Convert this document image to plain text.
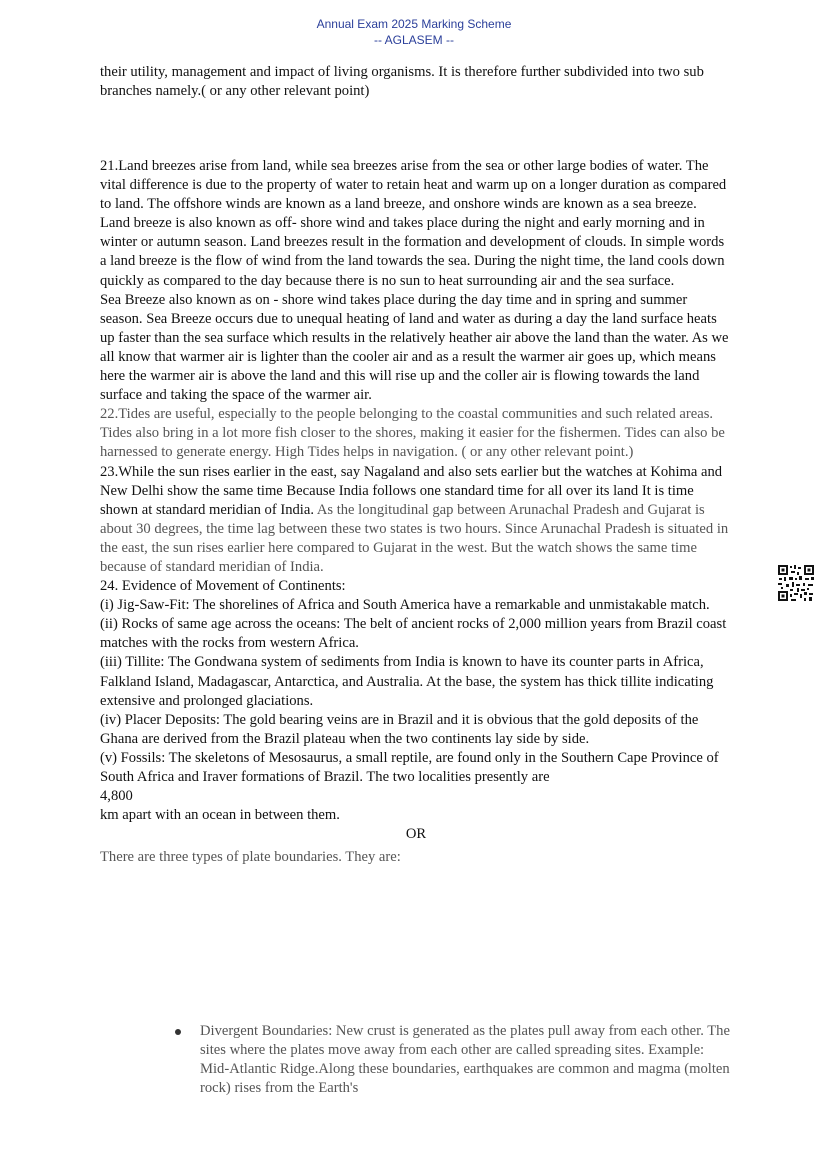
Annual Exam 2025 Marking Scheme
-- AGLASEM --

their utility, management and impact of living organisms. It is therefore further subdivided into two sub branches namely.( or any other relevant point)

21.Land breezes arise from land, while sea breezes arise from the sea or other large bodies of water. The vital difference is due to the property of water to retain heat and warm up on a longer duration as compared to land. The offshore winds are known as a land breeze, and onshore winds are known as a sea breeze.

Land breeze is also known as off- shore wind and takes place during the night and early morning and in winter or autumn season. Land breezes result in the formation and development of clouds. In simple words a land breeze is the flow of wind from the land towards the sea. During the night time, the land cools down quickly as compared to the day because there is no sun to heat surrounding air and the sea surface.

Sea Breeze also known as on - shore wind takes place during the day time and in spring and summer season. Sea Breeze occurs due to unequal heating of land and water as during a day the land surface heats up faster than the sea surface which results in the relatively heather air above the land than the water. As we all know that warmer air is lighter than the cooler air and as a result the warmer air goes up, which means here the warmer air is above the land and this will rise up and the coller air is flowing towards the land surface and taking the space of the warmer air.

22.Tides are useful, especially to the people belonging to the coastal communities and such related areas. Tides also bring in a lot more fish closer to the shores, making it easier for the fishermen. Tides can also be harnessed to generate energy. High Tides helps in navigation. ( or any other relevant point.)

23.While the sun rises earlier in the east, say Nagaland and also sets earlier but the watches at Kohima and New Delhi show the same time Because India follows one standard time for all over its land It is time shown at standard meridian of India. As the longitudinal gap between Arunachal Pradesh and Gujarat is about 30 degrees, the time lag between these two states is two hours. Since Arunachal Pradesh is situated in the east, the sun rises earlier here compared to Gujarat in the west. But the watch shows the same time because of standard meridian of India.

24. Evidence of Movement of Continents:

(i) Jig-Saw-Fit: The shorelines of Africa and South America have a remarkable and unmistakable match.

(ii) Rocks of same age across the oceans: The belt of ancient rocks of 2,000 million years from Brazil coast matches with the rocks from western Africa.

(iii) Tillite: The Gondwana system of sediments from India is known to have its counter parts in Africa, Falkland Island, Madagascar, Antarctica, and Australia. At the base, the system has thick tillite indicating extensive and prolonged glaciations.

(iv) Placer Deposits: The gold bearing veins are in Brazil and it is obvious that the gold deposits of the Ghana are derived from the Brazil plateau when the two continents lay side by side.

(v) Fossils: The skeletons of Mesosaurus, a small reptile, are found only in the Southern Cape Province of South Africa and Iraver formations of Brazil. The two localities presently are

4,800

km apart with an ocean in between them.

OR

There are three types of plate boundaries. They are:

Divergent Boundaries: New crust is generated as the plates pull away from each other. The sites where the plates move away from each other are called spreading sites. Example: Mid-Atlantic Ridge.Along these boundaries, earthquakes are common and magma (molten rock) rises from the Earth's
